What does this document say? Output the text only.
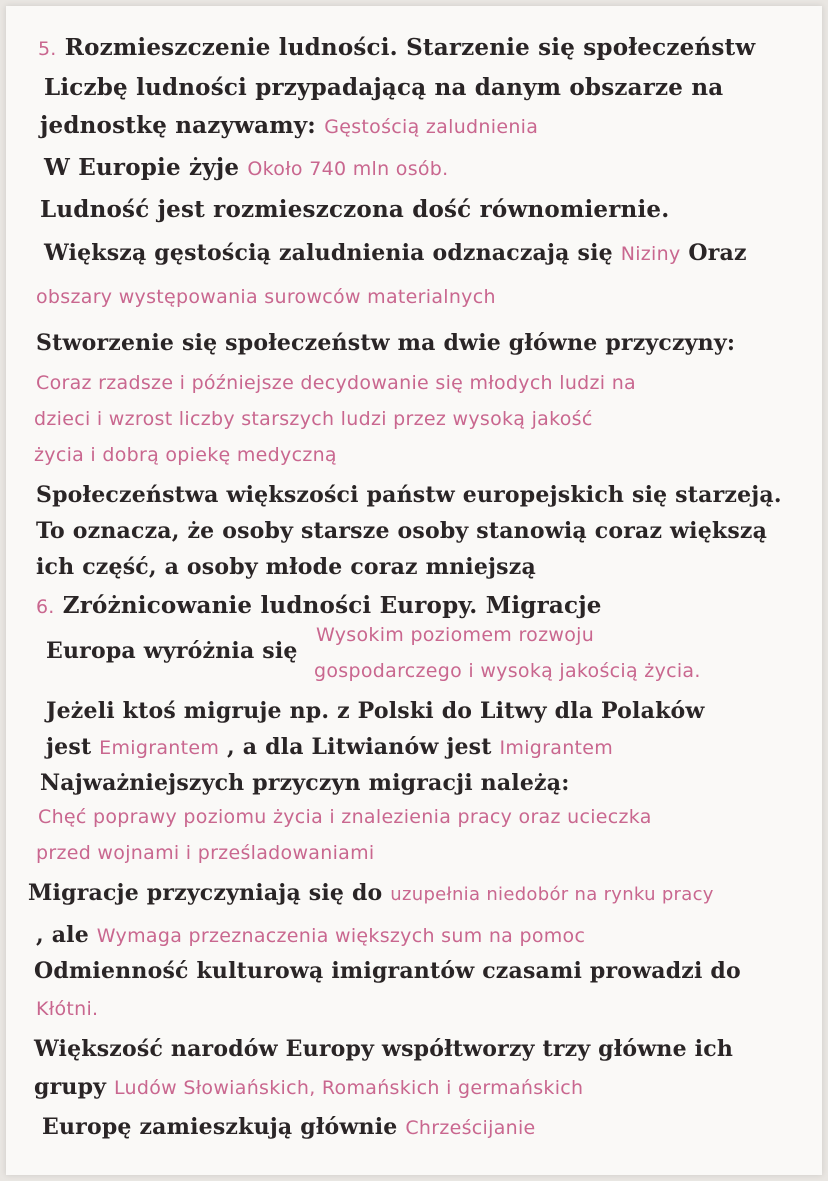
5. Rozmieszczenie ludności. Starzenie się społeczeństw
Liczbę ludności przypadającą na danym obszarze na
jednostkę nazywamy: Gęstością zaludnienia
W Europie żyje Około 740 mln osób.
Ludność jest rozmieszczona dość równomiernie.
Większą gęstością zaludnienia odznaczają się Niziny Oraz
obszary występowania surowców materialnych
Stworzenie się społeczeństw ma dwie główne przyczyny:
Coraz rzadsze i późniejsze decydowanie się młodych ludzi na
dzieci i wzrost liczby starszych ludzi przez wysoką jakość
życia i dobrą opiekę medyczną
Społeczeństwa większości państw europejskich się starzeją.
To oznacza, że osoby starsze osoby stanowią coraz większą
ich część, a osoby młode coraz mniejszą
6. Zróżnicowanie ludności Europy. Migracje
Europa wyróżnia się
Wysokim poziomem rozwoju
gospodarczego i wysoką jakością życia.
Jeżeli ktoś migruje np. z Polski do Litwy dla Polaków
jest Emigrantem , a dla Litwianów jest Imigrantem
Najważniejszych przyczyn migracji należą:
Chęć poprawy poziomu życia i znalezienia pracy oraz ucieczka
przed wojnami i prześladowaniami
Migracje przyczyniają się do uzupełnia niedobór na rynku pracy
, ale Wymaga przeznaczenia większych sum na pomoc
Odmienność kulturową imigrantów czasami prowadzi do
Kłótni.
Większość narodów Europy współtworzy trzy główne ich
grupy Ludów Słowiańskich, Romańskich i germańskich
Europę zamieszkują głównie Chrześcijanie
